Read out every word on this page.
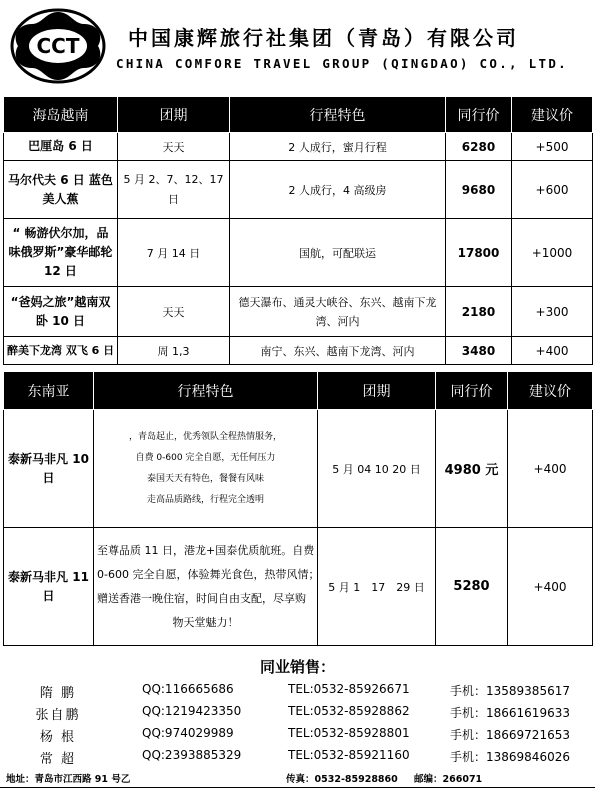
CCT 中国康辉旅行社集团（青岛）有限公司
CHINA COMFORE TRAVEL GROUP (QINGDAO) CO., LTD.
海岛越南	团期	行程特色	同行价	建议价
巴厘岛 6 日	天天	2 人成行，蜜月行程	6280	+500
马尔代夫 6 日 蓝色美人蕉	5 月 2、7、12、17 日	2 人成行，4 高级房	9680	+600
“ 畅游伏尔加，品味俄罗斯”豪华邮轮 12 日	7 月 14 日	国航，可配联运	17800	+1000
“爸妈之旅”越南双卧 10 日	天天	德天瀑布、通灵大峡谷、东兴、越南下龙湾、河内	2180	+300
醉美下龙湾 双飞 6 日	周 1,3	南宁、东兴、越南下龙湾、河内	3480	+400
东南亚	行程特色	团期	同行价	建议价
泰新马非凡 10 日	，青岛起止，优秀领队全程热情服务，
自费 0-600 完全自愿，无任何压力
泰国天天有特色，餐餐有风味
走高品质路线，行程完全透明	5 月 04 10 20 日	4980 元	+400
泰新马非凡 11 日	至尊品质 11 日，港龙+国泰优质航班。自费
0-600 完全自愿，体验舞光食色，热带风情；
赠送香港一晚住宿，时间自由支配，尽享购
物天堂魅力！	5 月 1　17　29 日	5280	+400
同业销售：
隋 鹏	QQ:116665686	TEL:0532-85926671	手机：13589385617
张自鹏	QQ:1219423350	TEL:0532-85928862	手机：18661619633
杨 根	QQ:974029989	TEL:0532-85928801	手机：18669721653
常 超	QQ:2393885329	TEL:0532-85921160	手机：13869846026
地址：青岛市江西路 91 号乙	传真：0532-85928860 邮编：266071
